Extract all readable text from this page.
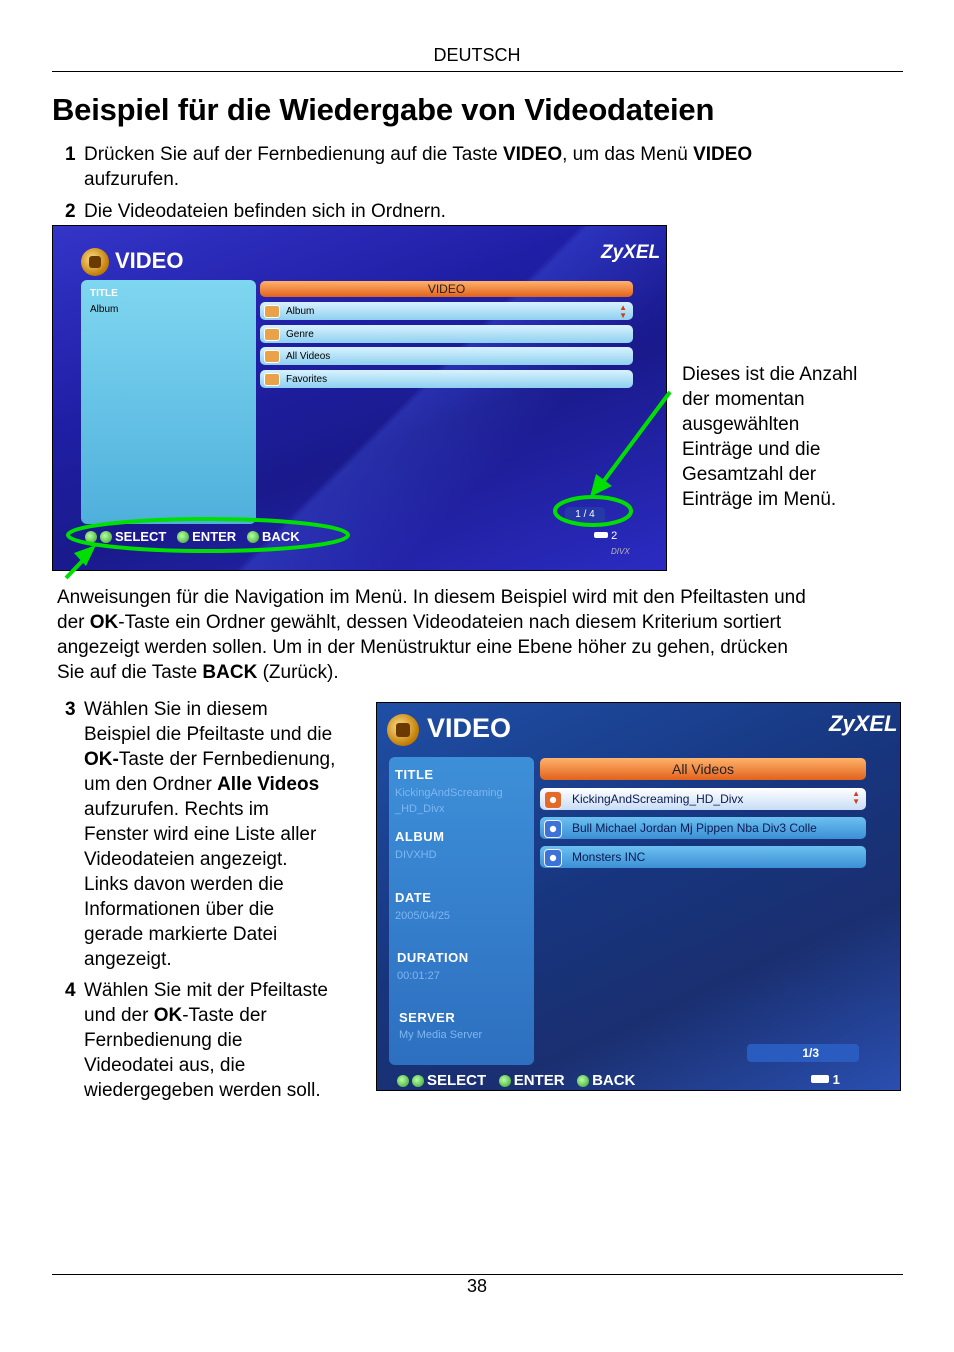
DEUTSCH
Beispiel für die Wiedergabe von Videodateien
1 Drücken Sie auf der Fernbedienung auf die Taste VIDEO, um das Menü VIDEO
aufzurufen.
2 Die Videodateien befinden sich in Ordnern.
VIDEO	ZyXEL
TITLE
Album
VIDEO
Album	▲
▼
Genre
All Videos
Favorites
1 / 4
SELECT ENTER BACK	2
DIVX
Dieses ist die Anzahl
der momentan
ausgewählten
Einträge und die
Gesamtzahl der
Einträge im Menü.
Anweisungen für die Navigation im Menü. In diesem Beispiel wird mit den Pfeiltasten und
der OK-Taste ein Ordner gewählt, dessen Videodateien nach diesem Kriterium sortiert
angezeigt werden sollen. Um in der Menüstruktur eine Ebene höher zu gehen, drücken
Sie auf die Taste BACK (Zurück).
3 Wählen Sie in diesem
Beispiel die Pfeiltaste und die
OK-Taste der Fernbedienung,
um den Ordner Alle Videos
aufzurufen. Rechts im
Fenster wird eine Liste aller
Videodateien angezeigt.
Links davon werden die
Informationen über die
gerade markierte Datei
angezeigt.
4 Wählen Sie mit der Pfeiltaste
und der OK-Taste der
Fernbedienung die
Videodatei aus, die
wiedergegeben werden soll.
VIDEO	ZyXEL
TITLE
KickingAndScreaming
_HD_Divx
ALBUM
DIVXHD
DATE
2005/04/25
DURATION
00:01:27
SERVER
My Media Server
All Videos
KickingAndScreaming_HD_Divx	▲
▼
Bull Michael Jordan Mj Pippen Nba Div3 Colle
Monsters INC
1/3
SELECT ENTER BACK	1
38
